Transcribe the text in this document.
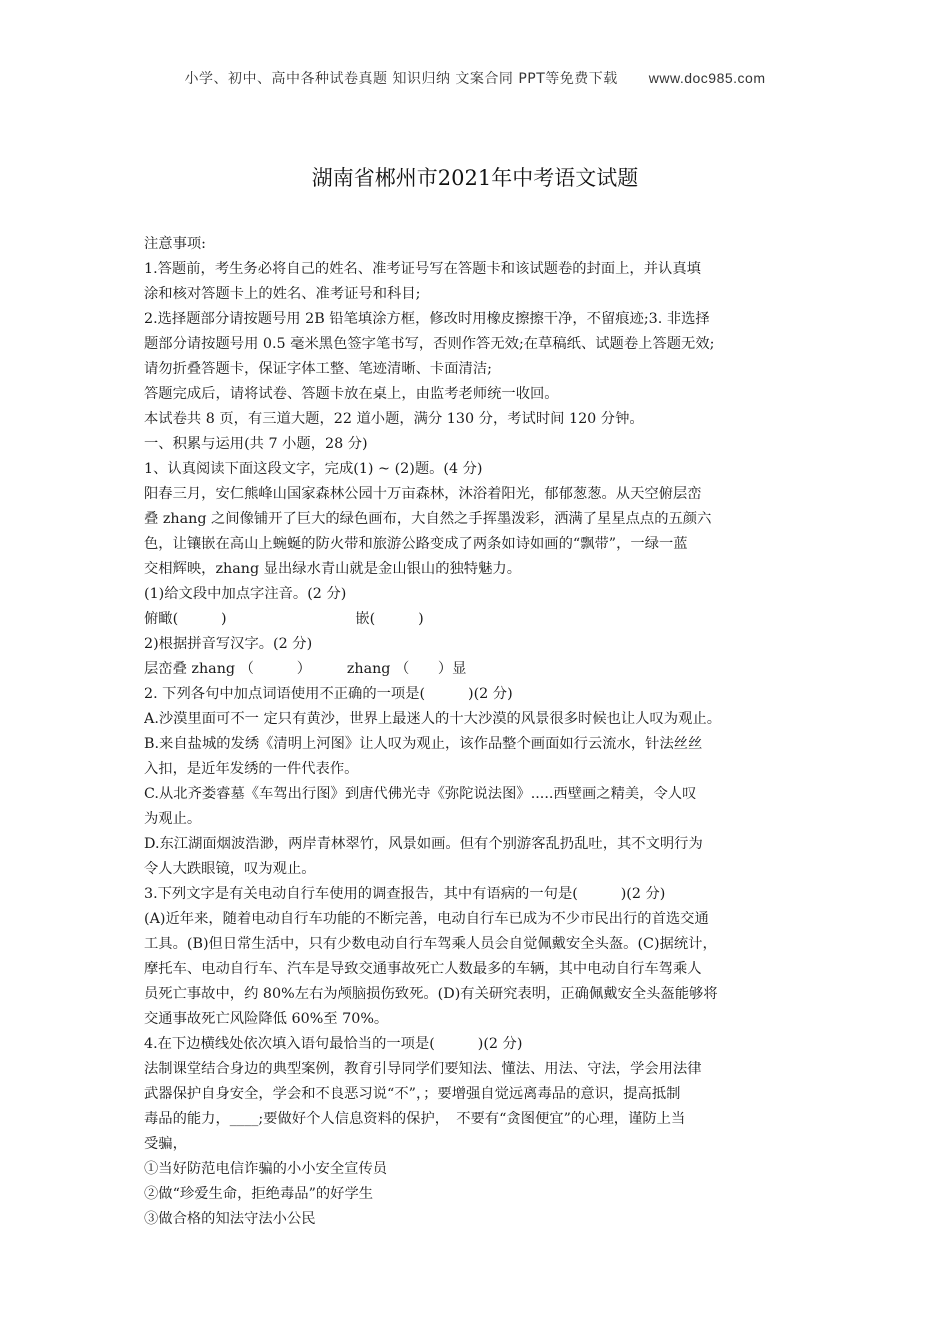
小学、初中、高中各种试卷真题 知识归纳 文案合同 PPT等免费下载 www.doc985.com
湖南省郴州市2021年中考语文试题
注意事项:
1.答题前，考生务必将自己的姓名、准考证号写在答题卡和该试题卷的封面上，并认真填
涂和核对答题卡上的姓名、准考证号和科目;
2.选择题部分请按题号用 2B 铅笔填涂方框，修改时用橡皮擦擦干净，不留痕迹;3. 非选择
题部分请按题号用 0.5 毫米黑色签字笔书写，否则作答无效;在草稿纸、试题卷上答题无效;
请勿折叠答题卡，保证字体工整、笔迹清晰、卡面清洁;
答题完成后，请将试卷、答题卡放在桌上，由监考老师统一收回。
本试卷共 8 页，有三道大题，22 道小题，满分 130 分，考试时间 120 分钟。
一、积累与运用(共 7 小题，28 分)
1、认真阅读下面这段文字，完成(1) ~ (2)题。(4 分)
阳春三月，安仁熊峰山国家森林公园十万亩森林，沐浴着阳光，郁郁葱葱。从天空俯层峦
叠 zhang 之间像铺开了巨大的绿色画布，大自然之手挥墨泼彩，洒满了星星点点的五颜六
色，让镶嵌在高山上蜿蜒的防火带和旅游公路变成了两条如诗如画的“飘带”，一绿一蓝
交相辉映，zhang 显出绿水青山就是金山银山的独特魅力。
(1)给文段中加点字注音。(2 分)
俯瞰(　　　)　　　　　　　　　嵌(　　　)
2)根据拼音写汉字。(2 分)
层峦叠 zhang （　　　）　　　zhang （　　）显
2. 下列各句中加点词语使用不正确的一项是(　　　)(2 分)
A.沙漠里面可不一 定只有黄沙，世界上最迷人的十大沙漠的风景很多时候也让人叹为观止。
B.来自盐城的发绣《清明上河图》让人叹为观止，该作品整个画面如行云流水，针法丝丝
入扣，是近年发绣的一件代表作。
C.从北齐娄睿墓《车驾出行图》到唐代佛光寺《弥陀说法图》.....西壁画之精美，令人叹
为观止。
D.东江湖面烟波浩渺，两岸青林翠竹，风景如画。但有个别游客乱扔乱吐，其不文明行为
令人大跌眼镜，叹为观止。
3.下列文字是有关电动自行车使用的调查报告，其中有语病的一句是(　　　)(2 分)
(A)近年来，随着电动自行车功能的不断完善，电动自行车已成为不少市民出行的首选交通
工具。(B)但日常生活中，只有少数电动自行车驾乘人员会自觉佩戴安全头盔。(C)据统计，
摩托车、电动自行车、汽车是导致交通事故死亡人数最多的车辆，其中电动自行车驾乘人
员死亡事故中，约 80%左右为颅脑损伤致死。(D)有关研究表明，正确佩戴安全头盔能够将
交通事故死亡风险降低 60%至 70%。
4.在下边横线处依次填入语句最恰当的一项是(　　　)(2 分)
法制课堂结合身边的典型案例，教育引导同学们要知法、懂法、用法、守法，学会用法律
武器保护自身安全，学会和不良恶习说“不”，；要增强自觉远离毒品的意识，提高抵制
毒品的能力，____;要做好个人信息资料的保护，　不要有“贪图便宜”的心理，谨防上当
受骗，
①当好防范电信诈骗的小小安全宣传员
②做“珍爱生命，拒绝毒品”的好学生
③做合格的知法守法小公民
